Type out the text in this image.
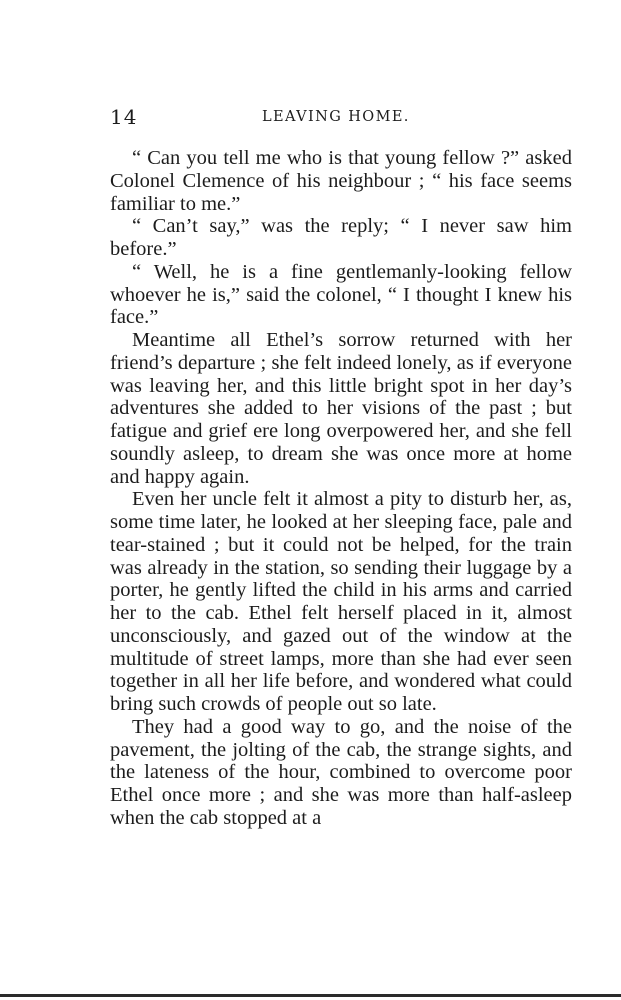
14	LEAVING HOME.

“ Can you tell me who is that young fellow ?” asked Colonel Clemence of his neighbour ; “ his face seems familiar to me.”

“ Can’t say,” was the reply; “ I never saw him before.”

“ Well, he is a fine gentlemanly-looking fellow whoever he is,” said the colonel, “ I thought I knew his face.”

Meantime all Ethel’s sorrow returned with her friend’s departure ; she felt indeed lonely, as if everyone was leaving her, and this little bright spot in her day’s adventures she added to her visions of the past ; but fatigue and grief ere long overpowered her, and she fell soundly asleep, to dream she was once more at home and happy again.

Even her uncle felt it almost a pity to disturb her, as, some time later, he looked at her sleeping face, pale and tear-stained ; but it could not be helped, for the train was already in the station, so sending their luggage by a porter, he gently lifted the child in his arms and carried her to the cab. Ethel felt herself placed in it, almost unconsciously, and gazed out of the window at the multitude of street lamps, more than she had ever seen together in all her life before, and wondered what could bring such crowds of people out so late.

They had a good way to go, and the noise of the pavement, the jolting of the cab, the strange sights, and the lateness of the hour, combined to overcome poor Ethel once more ; and she was more than half-asleep when the cab stopped at a
